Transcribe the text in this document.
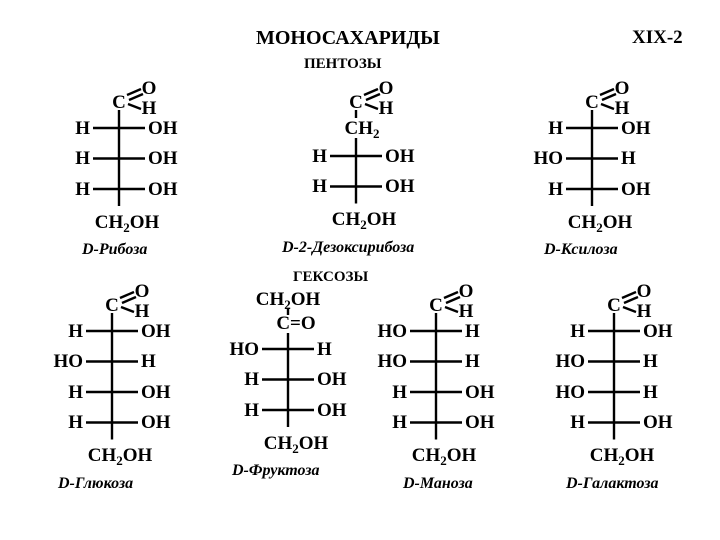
МОНОСАХАРИДЫ	XIX-2
ПЕНТОЗЫ
ГЕКСОЗЫ
C
O
H
H	OH
H	OH
H	OH
$CH_2OH$
D-Рибоза
C
O
H
$CH_2$
H	OH
H	OH
$CH_2OH$
D-2-Дезоксирибоза
C
O
H
H	OH
HO	H
H	OH
$CH_2OH$
D-Ксилоза
C
O
H
H	OH
HO	H
H	OH
H	OH
$CH_2OH$
D-Глюкоза
$CH_2OH$
C=O
HO	H
H	OH
H	OH
$CH_2OH$
D-Фруктоза
C
O
H
HO	H
HO	H
H	OH
H	OH
$CH_2OH$
D-Маноза
C
O
H
H	OH
HO	H
HO	H
H	OH
$CH_2OH$
D-Галактоза
